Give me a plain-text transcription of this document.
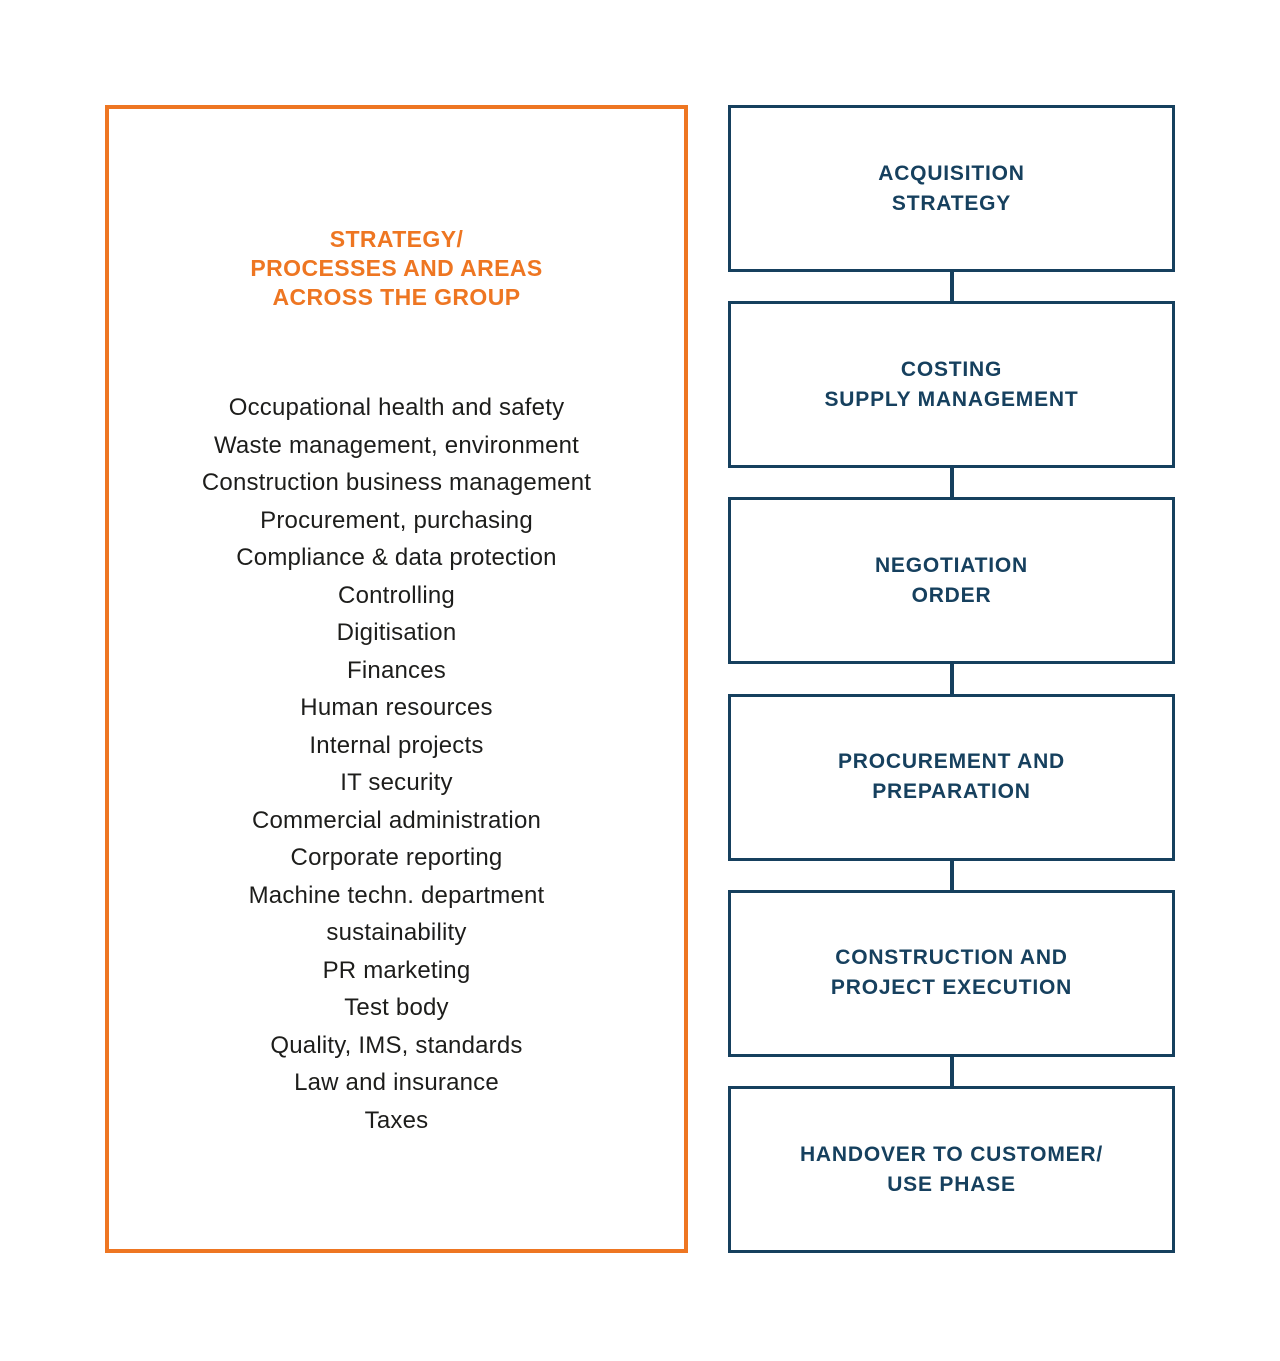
STRATEGY/
PROCESSES AND AREAS
ACROSS THE GROUP
Occupational health and safety
Waste management, environment
Construction business management
Procurement, purchasing
Compliance & data protection
Controlling
Digitisation
Finances
Human resources
Internal projects
IT security
Commercial administration
Corporate reporting
Machine techn. department
sustainability
PR marketing
Test body
Quality, IMS, standards
Law and insurance
Taxes
ACQUISITION
STRATEGY
COSTING
SUPPLY MANAGEMENT
NEGOTIATION
ORDER
PROCUREMENT AND
PREPARATION
CONSTRUCTION AND
PROJECT EXECUTION
HANDOVER TO CUSTOMER/
USE PHASE
